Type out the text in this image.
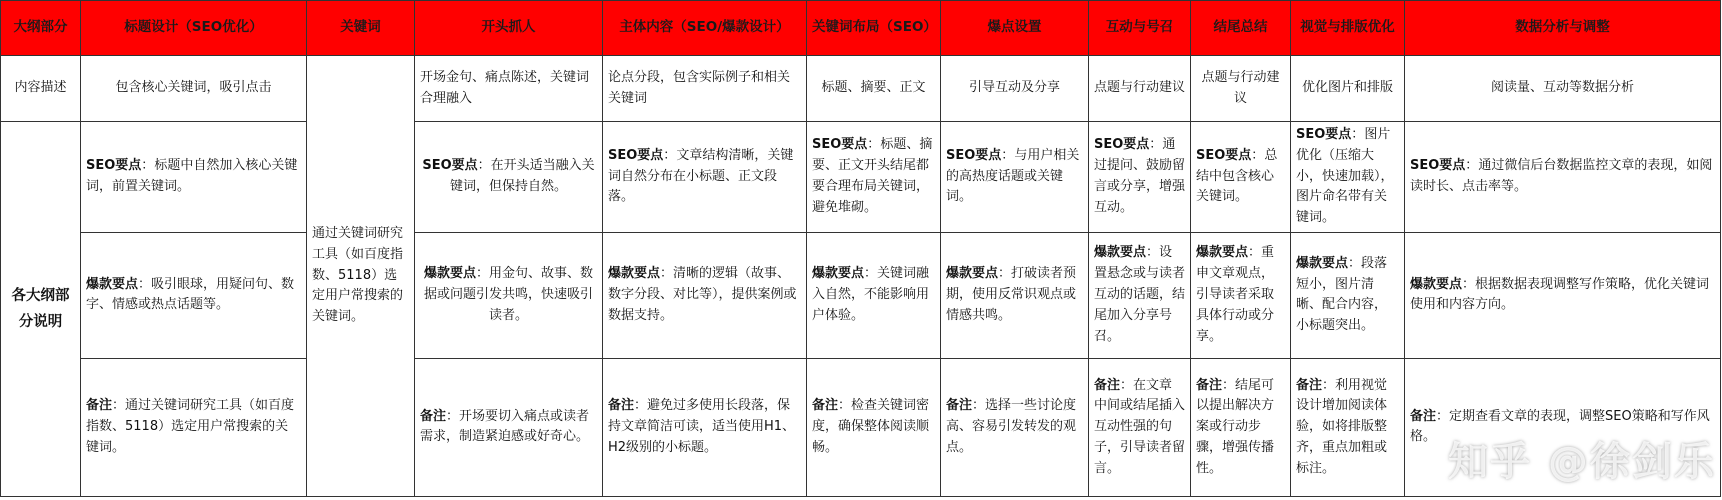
大纲部分	标题设计（SEO优化）	关键词	开头抓人	主体内容（SEO/爆款设计）	关键词布局（SEO）	爆点设置	互动与号召	结尾总结	视觉与排版优化	数据分析与调整
内容描述	包含核心关键词，吸引点击	通过关键词研究工具（如百度指数、5118）选定用户常搜索的关键词。	开场金句、痛点陈述，关键词合理融入	论点分段，包含实际例子和相关关键词	标题、摘要、正文	引导互动及分享	点题与行动建议	点题与行动建议	优化图片和排版	阅读量、互动等数据分析
各大纲部分说明	SEO要点：标题中自然加入核心关键词，前置关键词。		SEO要点：在开头适当融入关键词，但保持自然。	SEO要点：文章结构清晰，关键词自然分布在小标题、正文段落。	SEO要点：标题、摘要、正文开头结尾都要合理布局关键词，避免堆砌。	SEO要点：与用户相关的高热度话题或关键词。	SEO要点：通过提问、鼓励留言或分享，增强互动。	SEO要点：总结中包含核心关键词。	SEO要点：图片优化（压缩大小，快速加载），图片命名带有关键词。	SEO要点：通过微信后台数据监控文章的表现，如阅读时长、点击率等。
	爆款要点：吸引眼球，用疑问句、数字、情感或热点话题等。		爆款要点：用金句、故事、数据或问题引发共鸣，快速吸引读者。	爆款要点：清晰的逻辑（故事、数字分段、对比等），提供案例或数据支持。	爆款要点：关键词融入自然，不能影响用户体验。	爆款要点：打破读者预期，使用反常识观点或情感共鸣。	爆款要点：设置悬念或与读者互动的话题，结尾加入分享号召。	爆款要点：重申文章观点，引导读者采取具体行动或分享。	爆款要点：段落短小，图片清晰、配合内容，小标题突出。	爆款要点：根据数据表现调整写作策略，优化关键词使用和内容方向。
	备注：通过关键词研究工具（如百度指数、5118）选定用户常搜索的关键词。		备注：开场要切入痛点或读者需求，制造紧迫感或好奇心。	备注：避免过多使用长段落，保持文章简洁可读，适当使用H1、H2级别的小标题。	备注：检查关键词密度，确保整体阅读顺畅。	备注：选择一些讨论度高、容易引发转发的观点。	备注：在文章中间或结尾插入互动性强的句子，引导读者留言。	备注：结尾可以提出解决方案或行动步骤，增强传播性。	备注：利用视觉设计增加阅读体验，如将排版整齐，重点加粗或标注。	备注：定期查看文章的表现，调整SEO策略和写作风格。
知乎 @徐剑乐
